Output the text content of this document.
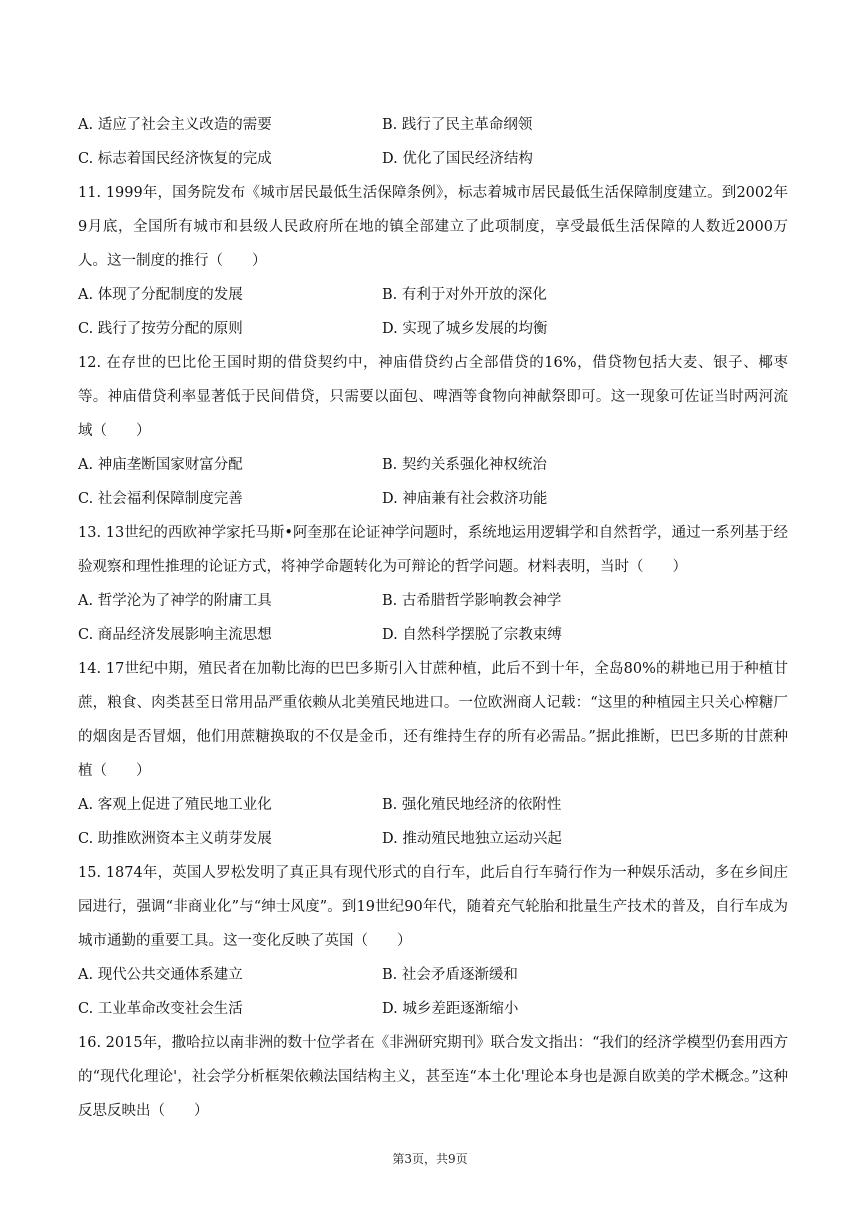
A. 适应了社会主义改造的需要	B. 践行了民主革命纲领
C. 标志着国民经济恢复的完成	D. 优化了国民经济结构
11. 1999年，国务院发布《城市居民最低生活保障条例》，标志着城市居民最低生活保障制度建立。到2002年9月底，全国所有城市和县级人民政府所在地的镇全部建立了此项制度，享受最低生活保障的人数近2000万人。这一制度的推行（　　）
A. 体现了分配制度的发展	B. 有利于对外开放的深化
C. 践行了按劳分配的原则	D. 实现了城乡发展的均衡
12. 在存世的巴比伦王国时期的借贷契约中，神庙借贷约占全部借贷的16%，借贷物包括大麦、银子、椰枣等。神庙借贷利率显著低于民间借贷，只需要以面包、啤酒等食物向神献祭即可。这一现象可佐证当时两河流域（　　）
A. 神庙垄断国家财富分配	B. 契约关系强化神权统治
C. 社会福利保障制度完善	D. 神庙兼有社会救济功能
13. 13世纪的西欧神学家托马斯•阿奎那在论证神学问题时，系统地运用逻辑学和自然哲学，通过一系列基于经验观察和理性推理的论证方式，将神学命题转化为可辩论的哲学问题。材料表明，当时（　　）
A. 哲学沦为了神学的附庸工具	B. 古希腊哲学影响教会神学
C. 商品经济发展影响主流思想	D. 自然科学摆脱了宗教束缚
14. 17世纪中期，殖民者在加勒比海的巴巴多斯引入甘蔗种植，此后不到十年，全岛80%的耕地已用于种植甘蔗，粮食、肉类甚至日常用品严重依赖从北美殖民地进口。一位欧洲商人记载：“这里的种植园主只关心榨糖厂的烟囱是否冒烟，他们用蔗糖换取的不仅是金币，还有维持生存的所有必需品。”据此推断，巴巴多斯的甘蔗种植（　　）
A. 客观上促进了殖民地工业化	B. 强化殖民地经济的依附性
C. 助推欧洲资本主义萌芽发展	D. 推动殖民地独立运动兴起
15. 1874年，英国人罗松发明了真正具有现代形式的自行车，此后自行车骑行作为一种娱乐活动，多在乡间庄园进行，强调“非商业化”与“绅士风度”。到19世纪90年代，随着充气轮胎和批量生产技术的普及，自行车成为城市通勤的重要工具。这一变化反映了英国（　　）
A. 现代公共交通体系建立	B. 社会矛盾逐渐缓和
C. 工业革命改变社会生活	D. 城乡差距逐渐缩小
16. 2015年，撒哈拉以南非洲的数十位学者在《非洲研究期刊》联合发文指出：“我们的经济学模型仍套用西方的“现代化理论'，社会学分析框架依赖法国结构主义，甚至连“本土化'理论本身也是源自欧美的学术概念。”这种反思反映出（　　）
第3页，共9页
